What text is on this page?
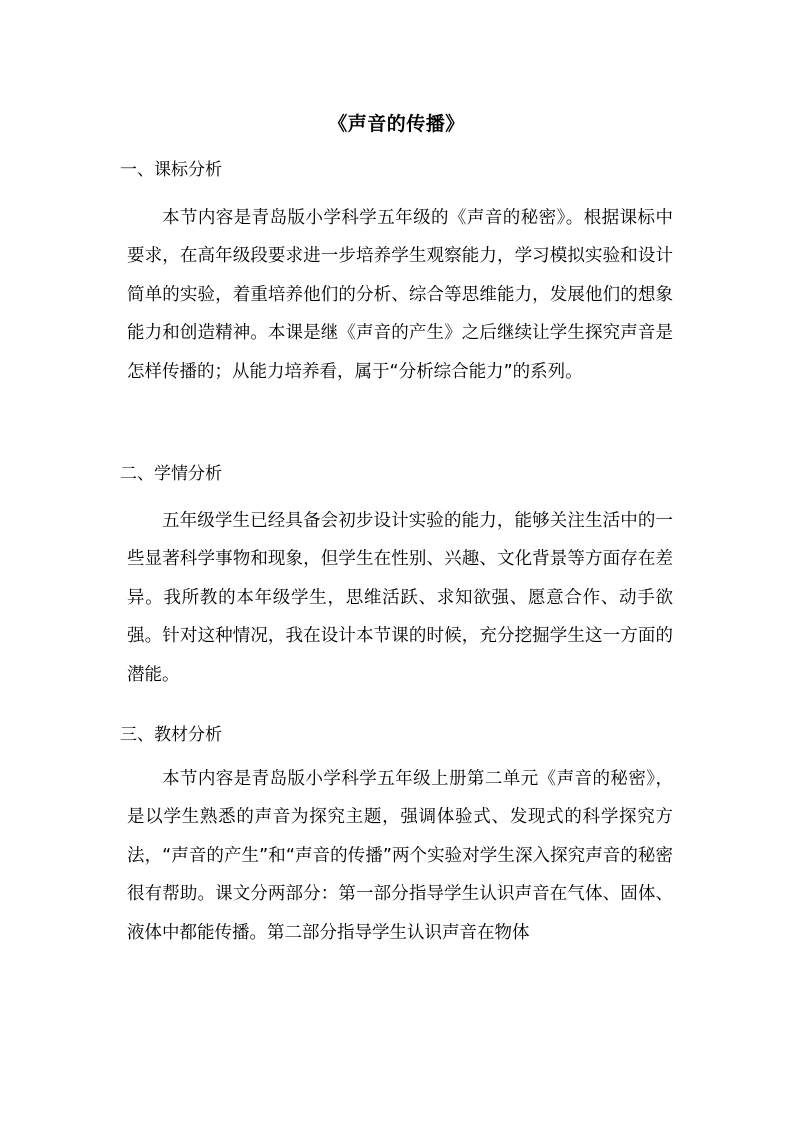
《声音的传播》
一、课标分析
本节内容是青岛版小学科学五年级的《声音的秘密》。根据课标中要求，在高年级段要求进一步培养学生观察能力，学习模拟实验和设计简单的实验，着重培养他们的分析、综合等思维能力，发展他们的想象能力和创造精神。本课是继《声音的产生》之后继续让学生探究声音是怎样传播的；从能力培养看，属于“分析综合能力”的系列。
二、学情分析
五年级学生已经具备会初步设计实验的能力，能够关注生活中的一些显著科学事物和现象，但学生在性别、兴趣、文化背景等方面存在差异。我所教的本年级学生，思维活跃、求知欲强、愿意合作、动手欲强。针对这种情况，我在设计本节课的时候，充分挖掘学生这一方面的潜能。
三、教材分析
本节内容是青岛版小学科学五年级上册第二单元《声音的秘密》，是以学生熟悉的声音为探究主题，强调体验式、发现式的科学探究方法，“声音的产生”和“声音的传播”两个实验对学生深入探究声音的秘密很有帮助。课文分两部分：第一部分指导学生认识声音在气体、固体、液体中都能传播。第二部分指导学生认识声音在物体
